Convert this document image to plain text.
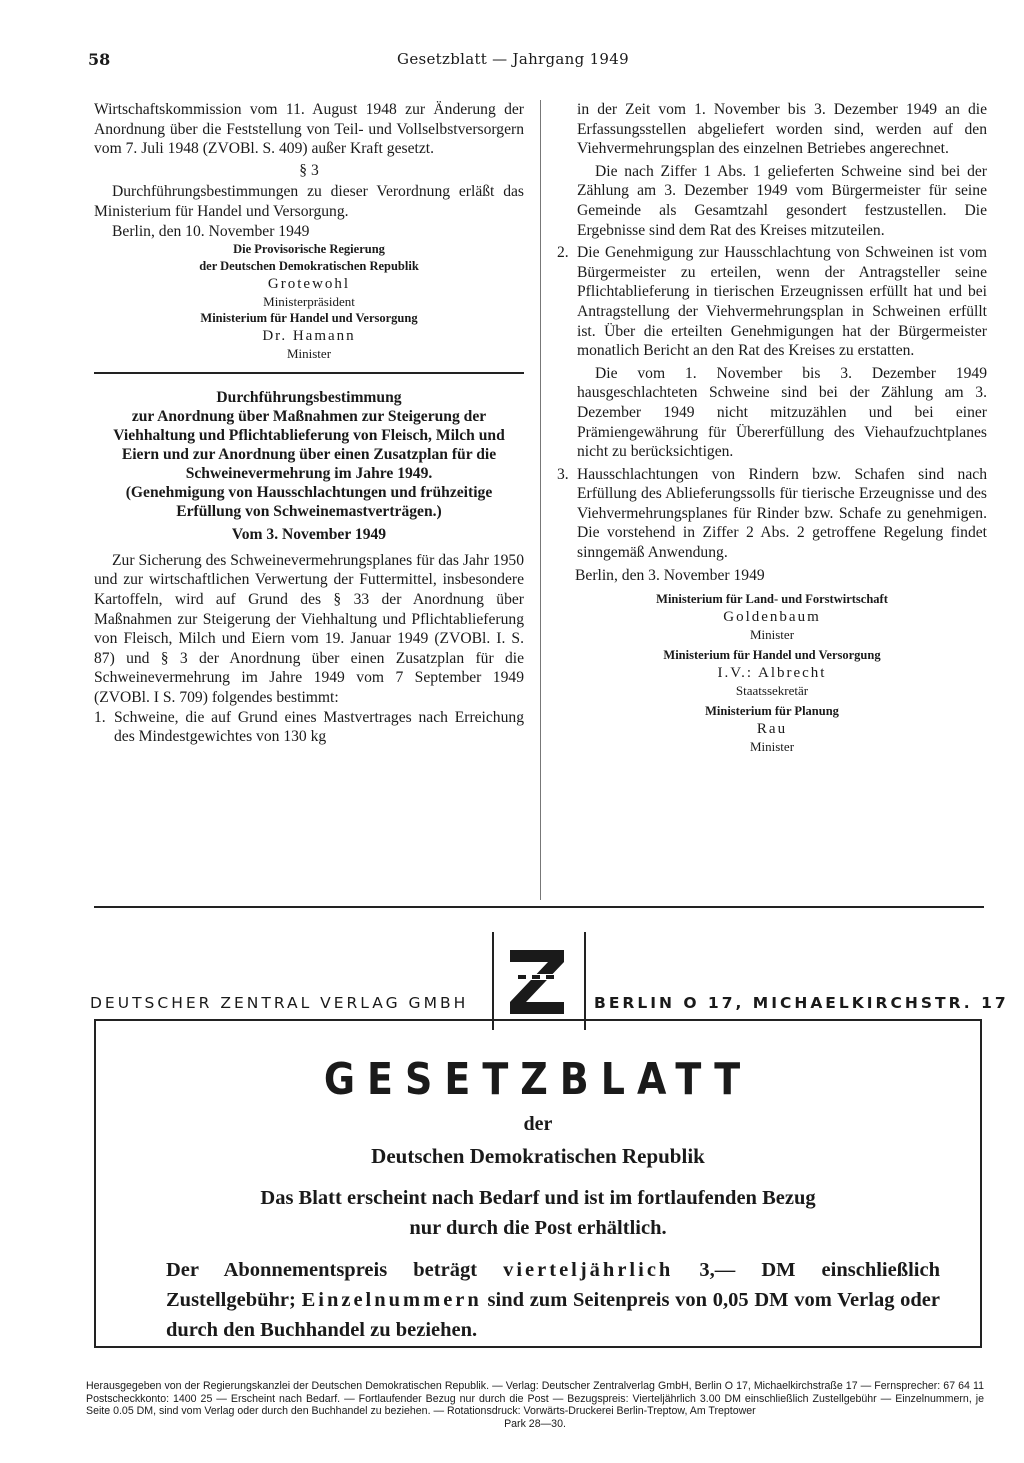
58	Gesetzblatt — Jahrgang 1949

Wirtschaftskommission vom 11. August 1948 zur Änderung der Anordnung über die Feststellung von Teil- und Vollselbstversorgern vom 7. Juli 1948 (ZVOBl. S. 409) außer Kraft gesetzt.

§ 3

Durchführungsbestimmungen zu dieser Verordnung erläßt das Ministerium für Handel und Versorgung.

Berlin, den 10. November 1949

Die Provisorische Regierung
der Deutschen Demokratischen Republik
Grotewohl
Ministerpräsident
Ministerium für Handel und Versorgung
Dr. Hamann
Minister
Durchführungsbestimmung
zur Anordnung über Maßnahmen zur Steigerung der Viehhaltung und Pflichtablieferung von Fleisch, Milch und Eiern und zur Anordnung über einen Zusatzplan für die Schweinevermehrung im Jahre 1949.
(Genehmigung von Hausschlachtungen und frühzeitige Erfüllung von Schweinemastverträgen.)
Vom 3. November 1949

Zur Sicherung des Schweinevermehrungsplanes für das Jahr 1950 und zur wirtschaftlichen Verwertung der Futtermittel, insbesondere Kartoffeln, wird auf Grund des § 33 der Anordnung über Maßnahmen zur Steigerung der Viehhaltung und Pflichtablieferung von Fleisch, Milch und Eiern vom 19. Januar 1949 (ZVOBl. I. S. 87) und § 3 der Anordnung über einen Zusatzplan für die Schweinevermehrung im Jahre 1949 vom 7 September 1949 (ZVOBl. I S. 709) folgendes bestimmt:

1. Schweine, die auf Grund eines Mastvertrages nach Erreichung des Mindestgewichtes von 130 kg

in der Zeit vom 1. November bis 3. Dezember 1949 an die Erfassungsstellen abgeliefert worden sind, werden auf den Viehvermehrungsplan des einzelnen Betriebes angerechnet.

Die nach Ziffer 1 Abs. 1 gelieferten Schweine sind bei der Zählung am 3. Dezember 1949 vom Bürgermeister für seine Gemeinde als Gesamtzahl gesondert festzustellen. Die Ergebnisse sind dem Rat des Kreises mitzuteilen.

2. Die Genehmigung zur Hausschlachtung von Schweinen ist vom Bürgermeister zu erteilen, wenn der Antragsteller seine Pflichtablieferung in tierischen Erzeugnissen erfüllt hat und bei Antragstellung der Viehvermehrungsplan in Schweinen erfüllt ist. Über die erteilten Genehmigungen hat der Bürgermeister monatlich Bericht an den Rat des Kreises zu erstatten.

Die vom 1. November bis 3. Dezember 1949 hausgeschlachteten Schweine sind bei der Zählung am 3. Dezember 1949 nicht mitzuzählen und bei einer Prämiengewährung für Übererfüllung des Viehaufzuchtplanes nicht zu berücksichtigen.

3. Hausschlachtungen von Rindern bzw. Schafen sind nach Erfüllung des Ablieferungssolls für tierische Erzeugnisse und des Viehvermehrungsplanes für Rinder bzw. Schafe zu genehmigen. Die vorstehend in Ziffer 2 Abs. 2 getroffene Regelung findet sinngemäß Anwendung.

Berlin, den 3. November 1949

Ministerium für Land- und Forstwirtschaft
Goldenbaum
Minister
Ministerium für Handel und Versorgung
I.V.: Albrecht
Staatssekretär
Ministerium für Planung
Rau
Minister
DEUTSCHER ZENTRAL VERLAG GMBH	BERLIN O 17, MICHAELKIRCHSTR. 17
GESETZBLATT
der
Deutschen Demokratischen Republik
Das Blatt erscheint nach Bedarf und ist im fortlaufenden Bezug
nur durch die Post erhältlich.
Der Abonnementspreis beträgt vierteljährlich 3,— DM einschließlich Zustellgebühr; Einzelnummern sind zum Seitenpreis von 0,05 DM vom Verlag oder durch den Buchhandel zu beziehen.
Herausgegeben von der Regierungskanzlei der Deutschen Demokratischen Republik. — Verlag: Deutscher Zentralverlag GmbH, Berlin O 17, Michaelkirchstraße 17 — Fernsprecher: 67 64 11 Postscheckkonto: 1400 25 — Erscheint nach Bedarf. — Fortlaufender Bezug nur durch die Post — Bezugspreis: Vierteljährlich 3.00 DM einschließlich Zustellgebühr — Einzelnummern, je Seite 0.05 DM, sind vom Verlag oder durch den Buchhandel zu beziehen. — Rotationsdruck: Vorwärts-Druckerei Berlin-Treptow, Am Treptower
Park 28—30.
